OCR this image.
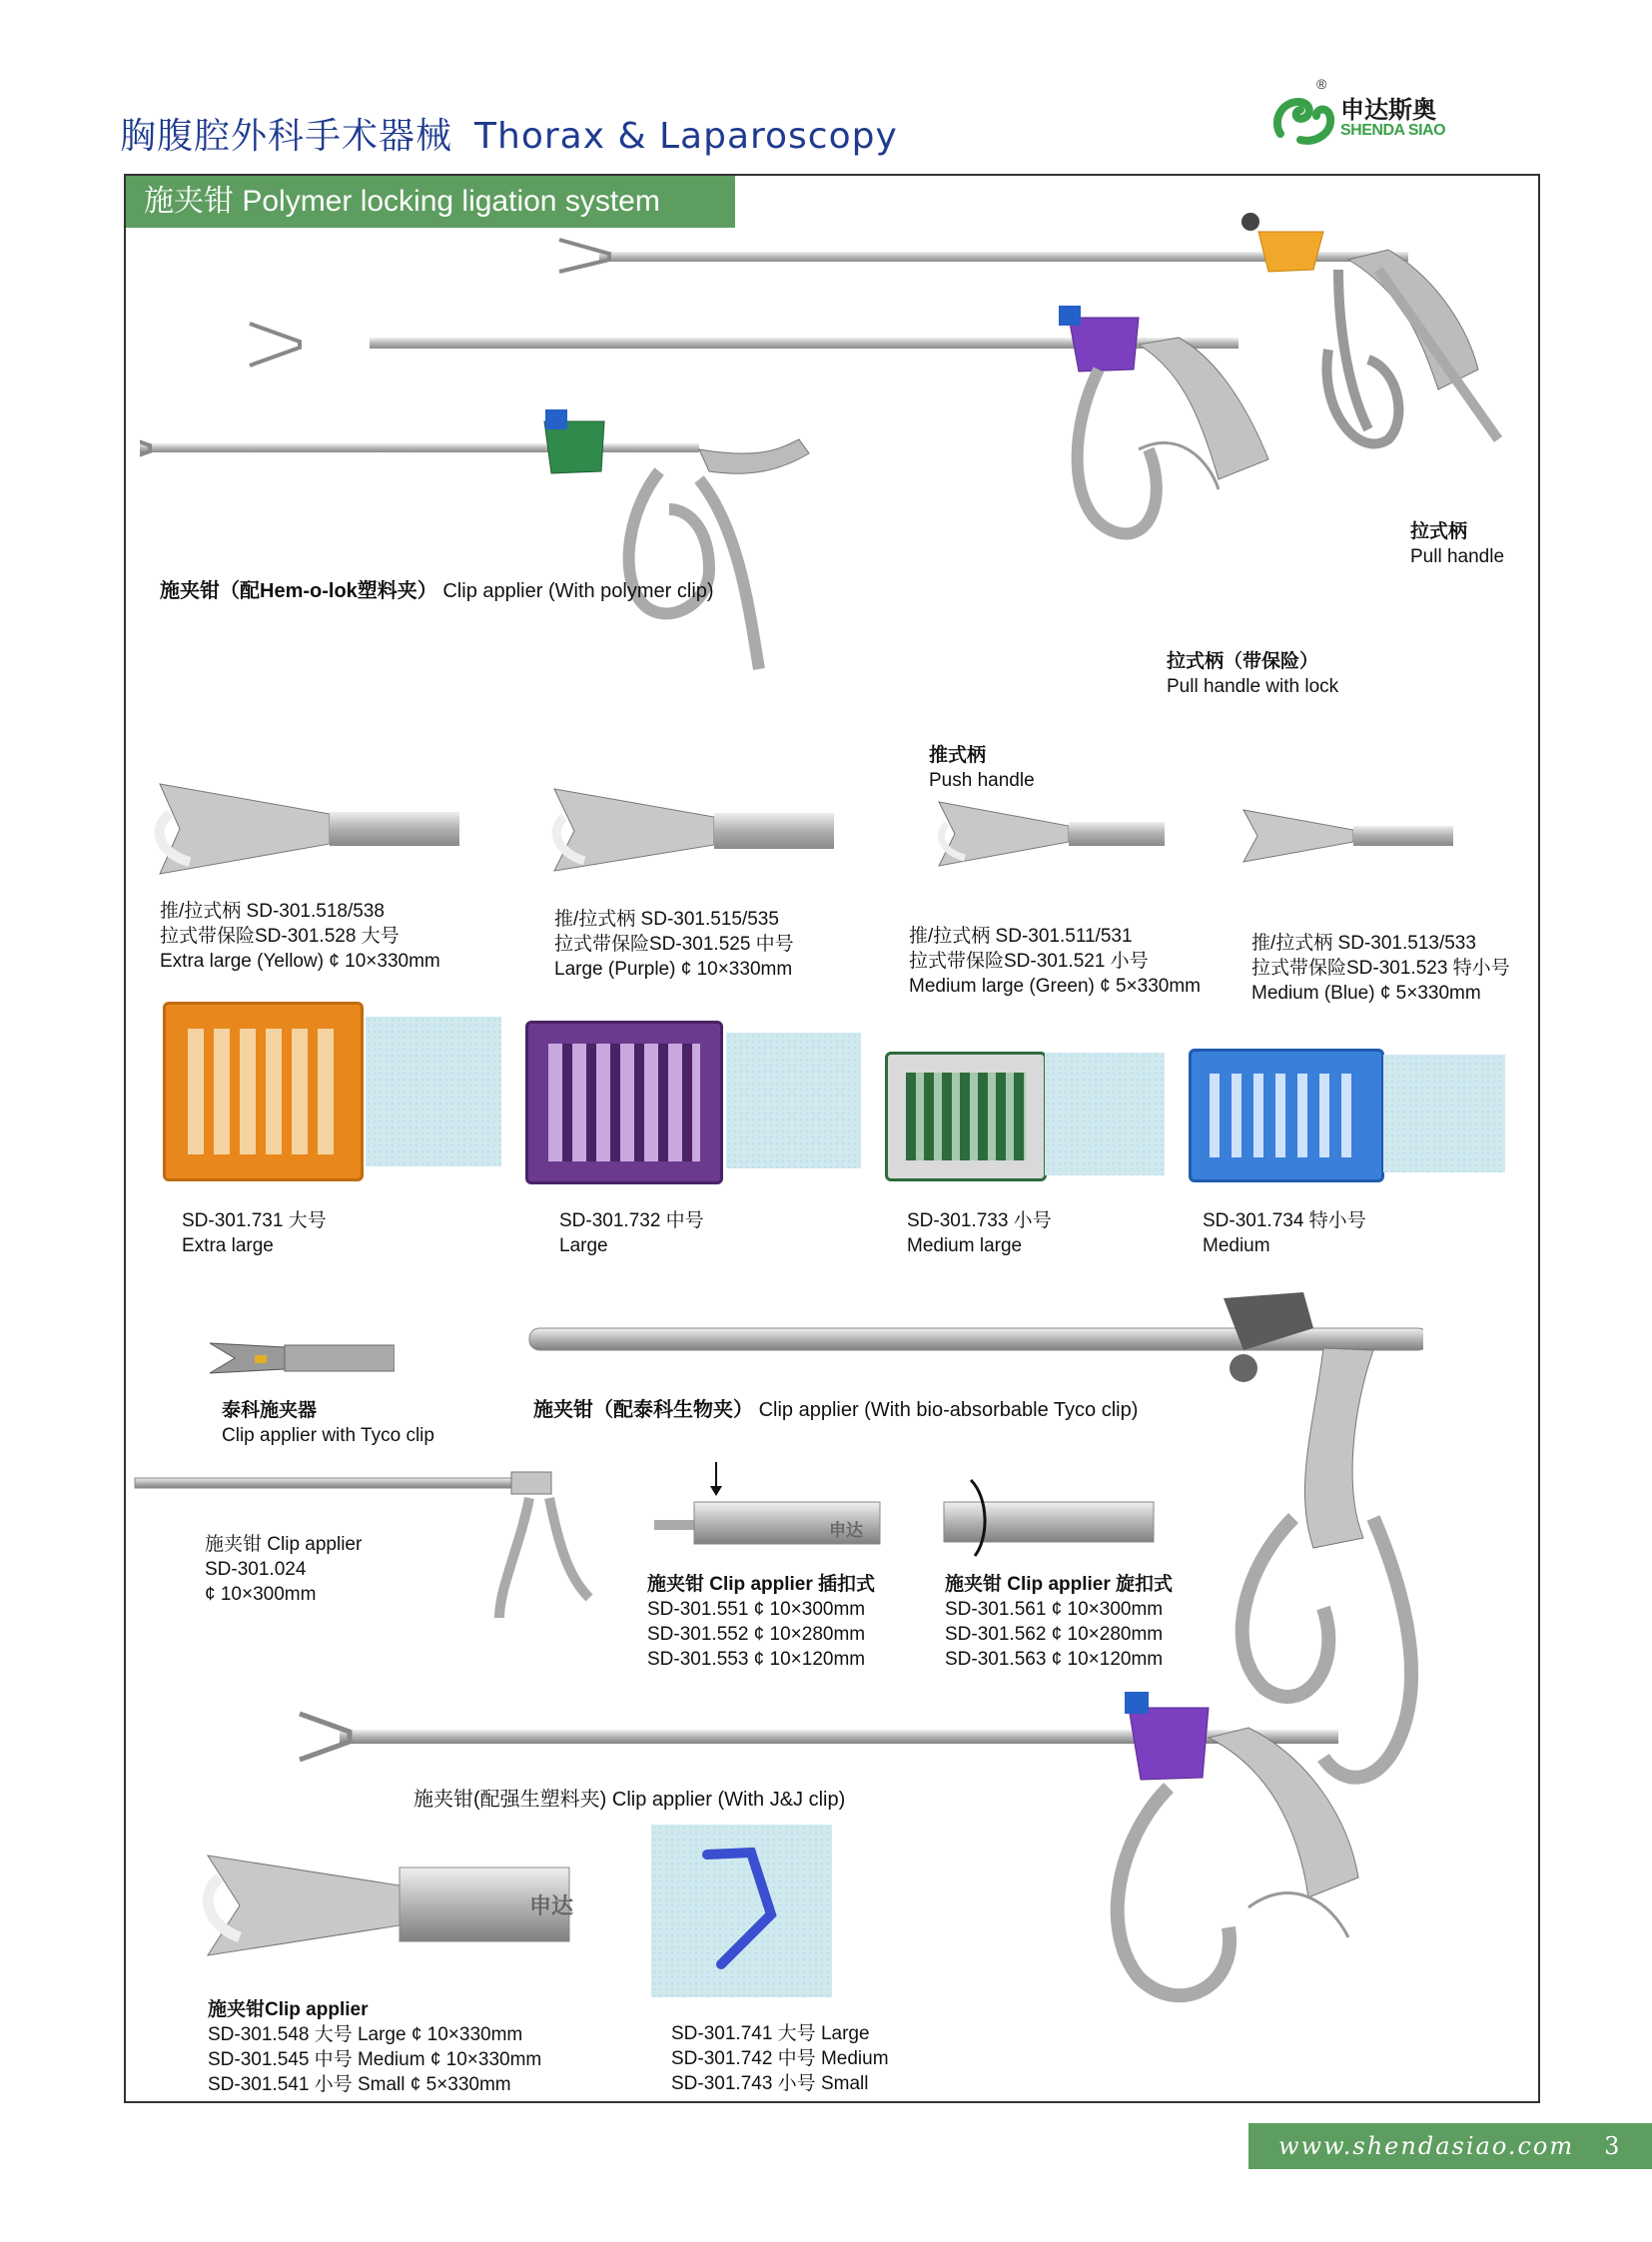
胸腹腔外科手术器械 Thorax & Laparoscopy
®
申达斯奥
SHENDA SIAO
施夹钳 Polymer locking ligation system
施夹钳（配Hem-o-lok塑料夹） Clip applier (With polymer clip)
拉式柄
Pull handle
拉式柄（带保险）
Pull handle with lock
推式柄
Push handle
推/拉式柄 SD-301.518/538
拉式带保险SD-301.528 大号
Extra large (Yellow) ¢ 10×330mm
推/拉式柄 SD-301.515/535
拉式带保险SD-301.525 中号
Large (Purple) ¢ 10×330mm
推/拉式柄 SD-301.511/531
拉式带保险SD-301.521 小号
Medium large (Green) ¢ 5×330mm
推/拉式柄 SD-301.513/533
拉式带保险SD-301.523 特小号
Medium (Blue) ¢ 5×330mm
SD-301.731 大号
Extra large
SD-301.732 中号
Large
SD-301.733 小号
Medium large
SD-301.734 特小号
Medium
泰科施夹器
Clip applier with Tyco clip
施夹钳（配泰科生物夹） Clip applier (With bio-absorbable Tyco clip)
施夹钳 Clip applier
SD-301.024
¢ 10×300mm
申达
施夹钳 Clip applier 插扣式
SD-301.551 ¢ 10×300mm
SD-301.552 ¢ 10×280mm
SD-301.553 ¢ 10×120mm
施夹钳 Clip applier 旋扣式
SD-301.561 ¢ 10×300mm
SD-301.562 ¢ 10×280mm
SD-301.563 ¢ 10×120mm
施夹钳(配强生塑料夹) Clip applier (With J&J clip)
申达
施夹钳Clip applier
SD-301.548 大号 Large ¢ 10×330mm
SD-301.545 中号 Medium ¢ 10×330mm
SD-301.541 小号 Small ¢ 5×330mm
SD-301.741 大号 Large
SD-301.742 中号 Medium
SD-301.743 小号 Small
www.shendasiao.com 3
